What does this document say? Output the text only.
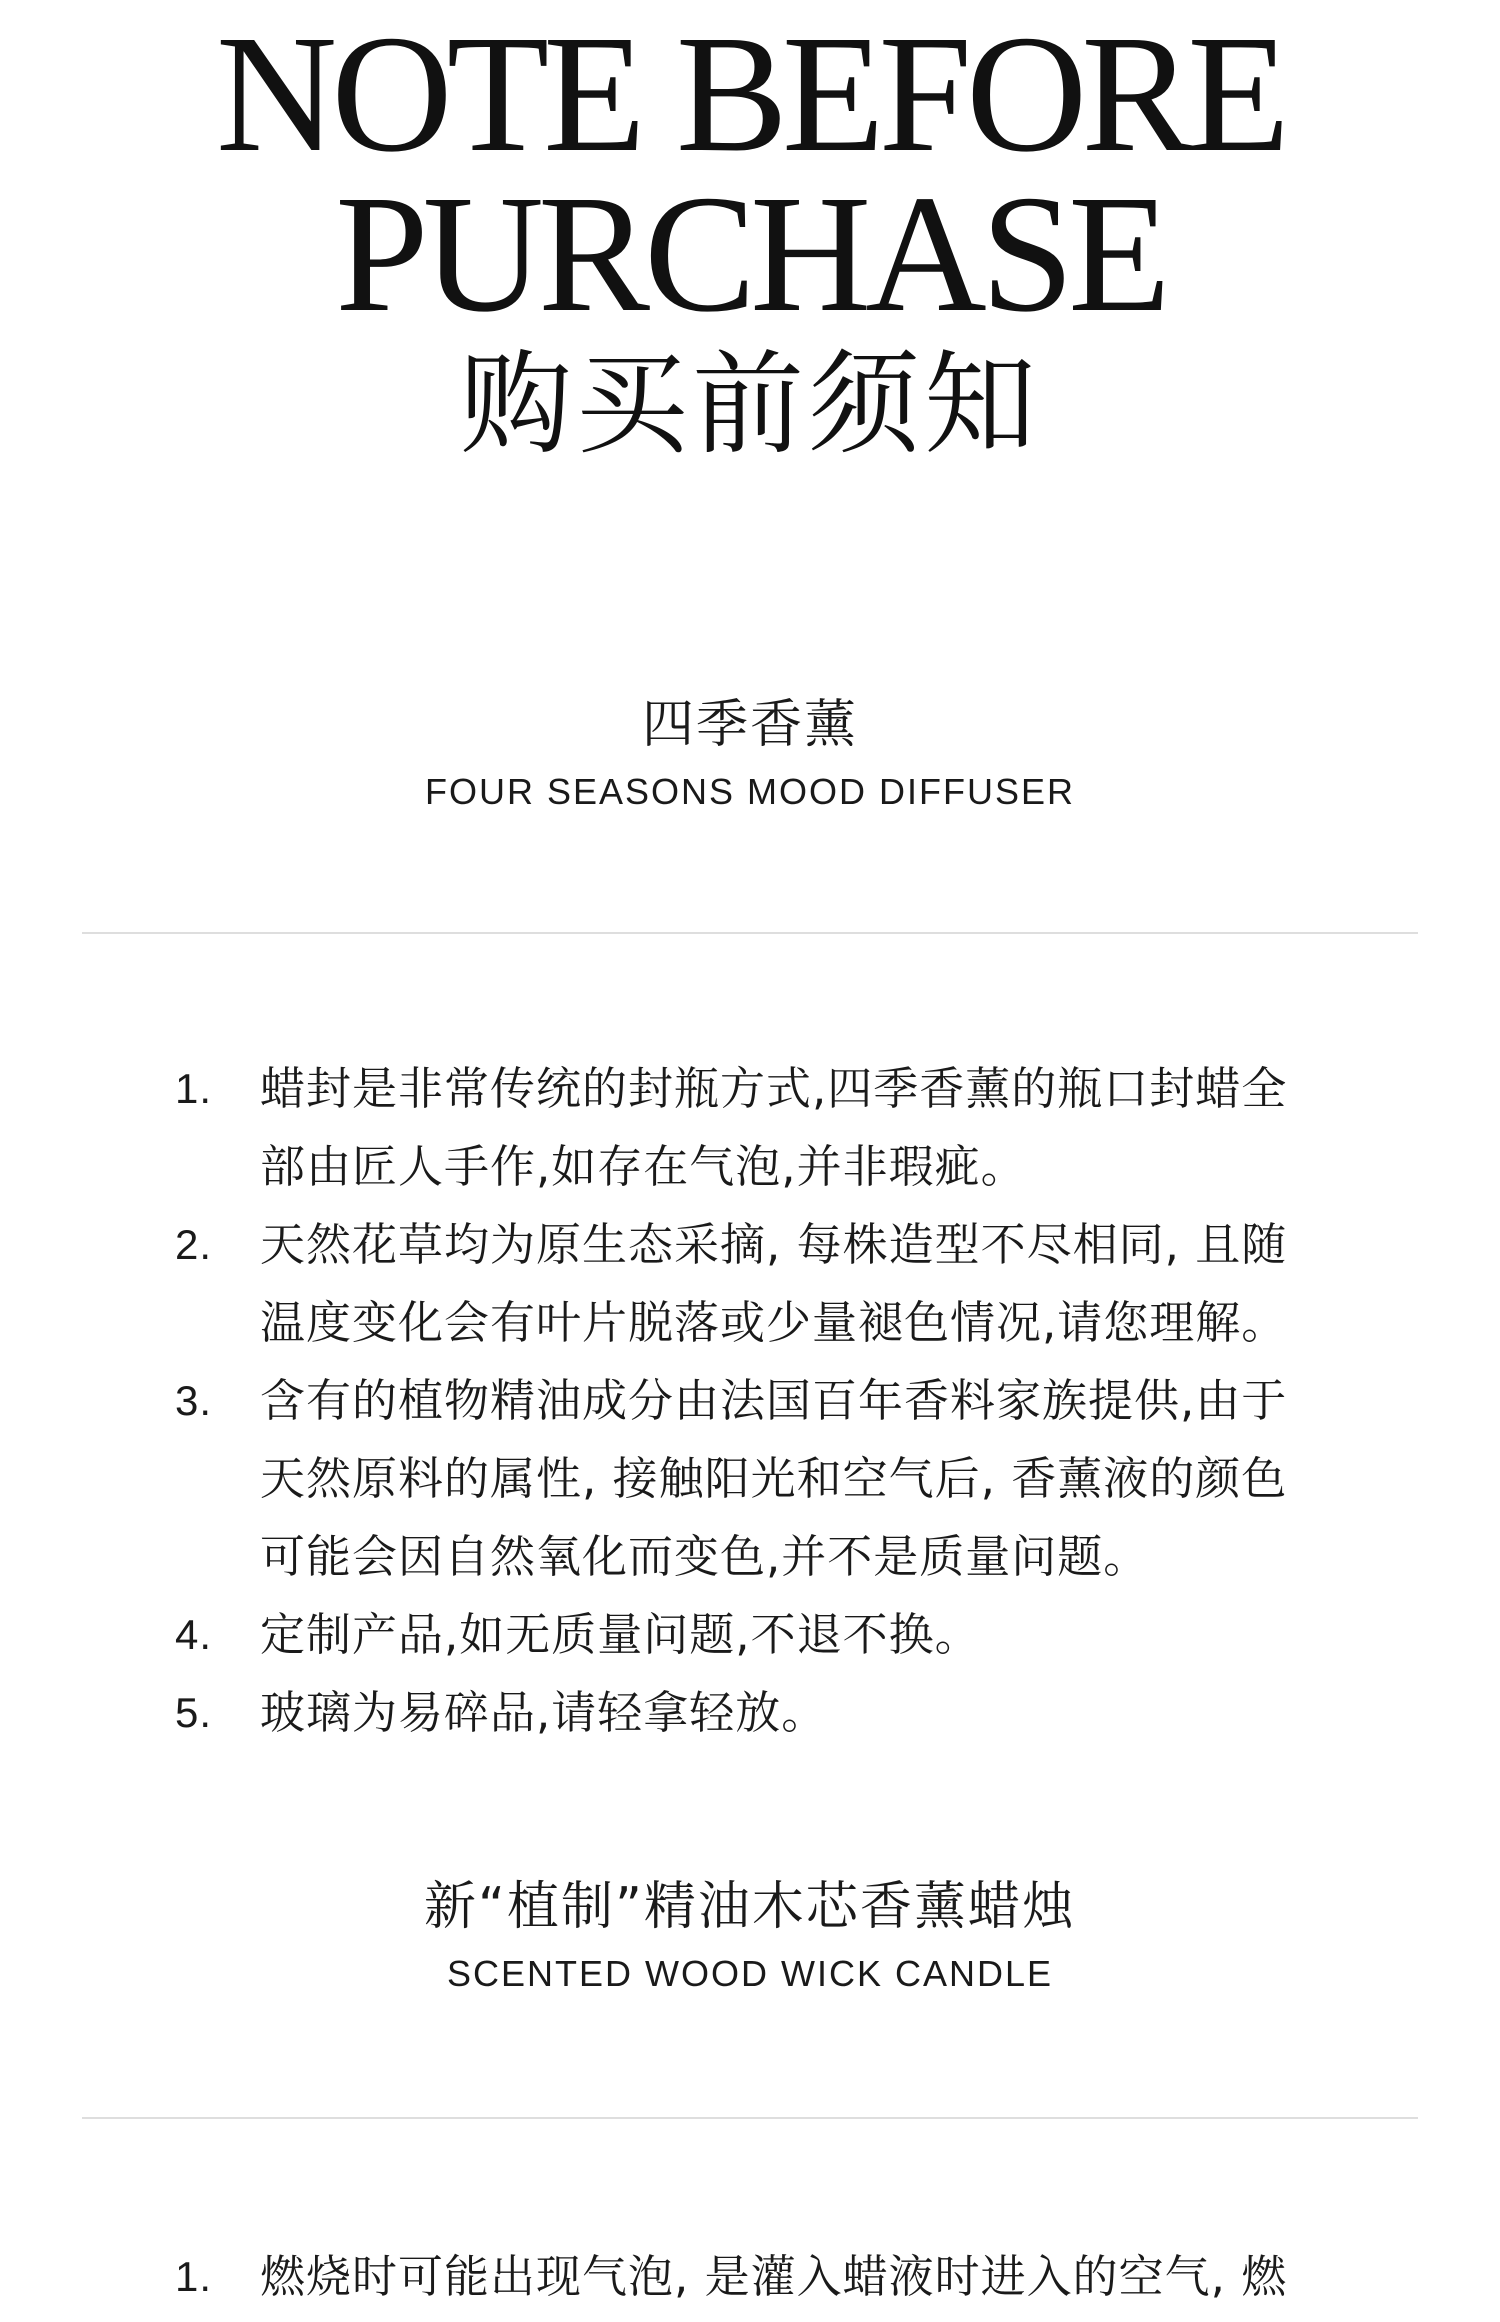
NOTE BEFORE
PURCHASE
购买前须知
四季香薰
FOUR SEASONS MOOD DIFFUSER
1. 蜡封是非常传统的封瓶方式,四季香薰的瓶口封蜡全部由匠人手作,如存在气泡,并非瑕疵。
2. 天然花草均为原生态采摘, 每株造型不尽相同, 且随温度变化会有叶片脱落或少量褪色情况,请您理解。
3. 含有的植物精油成分由法国百年香料家族提供,由于天然原料的属性, 接触阳光和空气后, 香薰液的颜色可能会因自然氧化而变色,并不是质量问题。
4. 定制产品,如无质量问题,不退不换。
5. 玻璃为易碎品,请轻拿轻放。
新“植制”精油木芯香薰蜡烛
SCENTED WOOD WICK CANDLE
1. 燃烧时可能出现气泡, 是灌入蜡液时进入的空气, 燃
